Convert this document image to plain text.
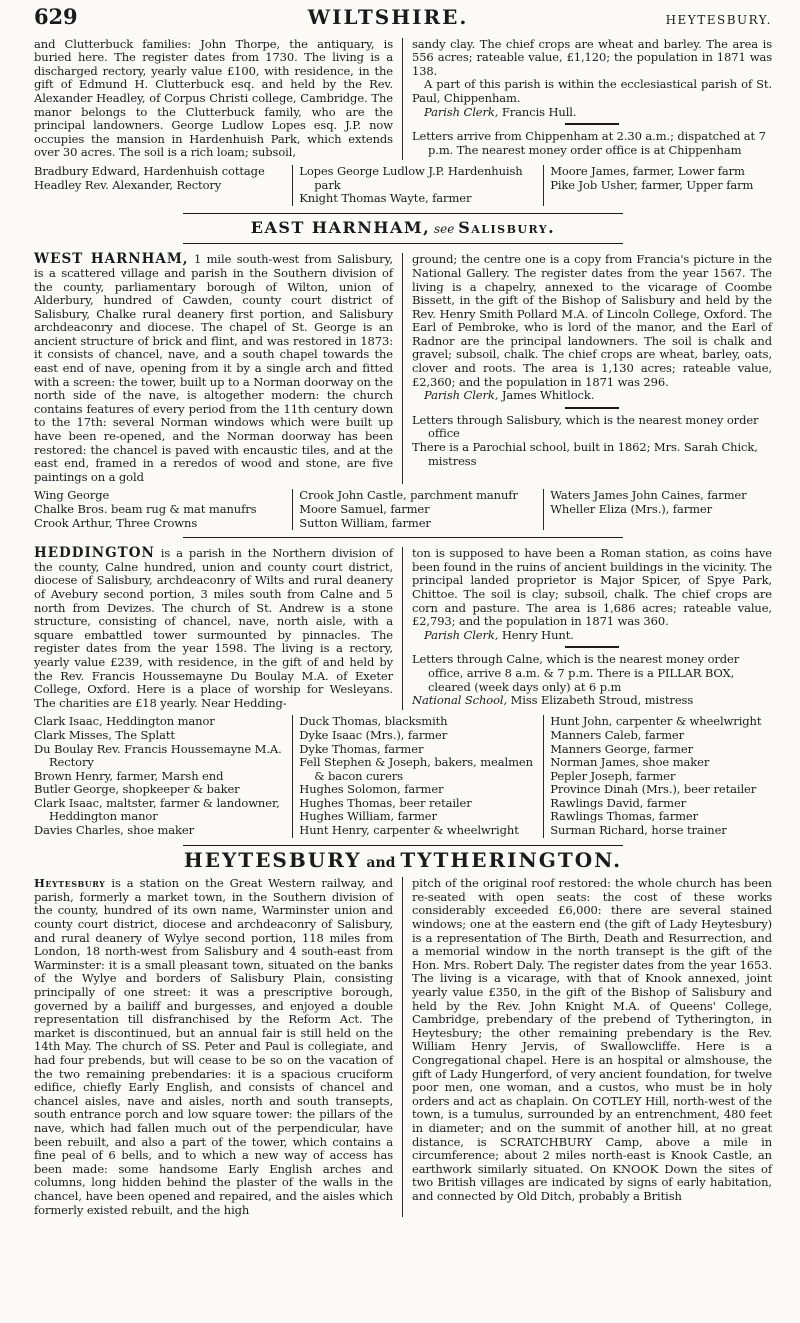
629	WILTSHIRE.	HEYTESBURY.

and Clutterbuck families: John Thorpe, the antiquary, is buried here. The register dates from 1730. The living is a discharged rectory, yearly value £100, with residence, in the gift of Edmund H. Clutterbuck esq. and held by the Rev. Alexander Headley, of Corpus Christi college, Cambridge. The manor belongs to the Clutterbuck family, who are the principal landowners. George Ludlow Lopes esq. J.P. now occupies the mansion in Hardenhuish Park, which extends over 30 acres. The soil is a rich loam; subsoil,

sandy clay. The chief crops are wheat and barley. The area is 556 acres; rateable value, £1,120; the population in 1871 was 138.

A part of this parish is within the ecclesiastical parish of St. Paul, Chippenham.

Parish Clerk, Francis Hull.

Letters arrive from Chippenham at 2.30 a.m.; dispatched at 7 p.m. The nearest money order office is at Chippenham

Bradbury Edward, Hardenhuish cottage

Headley Rev. Alexander, Rectory

Lopes George Ludlow J.P. Hardenhuish park

Knight Thomas Wayte, farmer

Moore James, farmer, Lower farm

Pike Job Usher, farmer, Upper farm

EAST HARNHAM, see Salisbury.

WEST HARNHAM, 1 mile south-west from Salisbury, is a scattered village and parish in the Southern division of the county, parliamentary borough of Wilton, union of Alderbury, hundred of Cawden, county court district of Salisbury, Chalke rural deanery first portion, and Salisbury archdeaconry and diocese. The chapel of St. George is an ancient structure of brick and flint, and was restored in 1873: it consists of chancel, nave, and a south chapel towards the east end of nave, opening from it by a single arch and fitted with a screen: the tower, built up to a Norman doorway on the north side of the nave, is altogether modern: the church contains features of every period from the 11th century down to the 17th: several Norman windows which were built up have been re-opened, and the Norman doorway has been restored: the chancel is paved with encaustic tiles, and at the east end, framed in a reredos of wood and stone, are five paintings on a gold

ground; the centre one is a copy from Francia's picture in the National Gallery. The register dates from the year 1567. The living is a chapelry, annexed to the vicarage of Coombe Bissett, in the gift of the Bishop of Salisbury and held by the Rev. Henry Smith Pollard M.A. of Lincoln College, Oxford. The Earl of Pembroke, who is lord of the manor, and the Earl of Radnor are the principal landowners. The soil is chalk and gravel; subsoil, chalk. The chief crops are wheat, barley, oats, clover and roots. The area is 1,130 acres; rateable value, £2,360; and the population in 1871 was 296.

Parish Clerk, James Whitlock.

Letters through Salisbury, which is the nearest money order office

There is a Parochial school, built in 1862; Mrs. Sarah Chick, mistress

Wing George

Chalke Bros. beam rug & mat manufrs

Crook Arthur, Three Crowns

Crook John Castle, parchment manufr

Moore Samuel, farmer

Sutton William, farmer

Waters James John Caines, farmer

Wheller Eliza (Mrs.), farmer

HEDDINGTON is a parish in the Northern division of the county, Calne hundred, union and county court district, diocese of Salisbury, archdeaconry of Wilts and rural deanery of Avebury second portion, 3 miles south from Calne and 5 north from Devizes. The church of St. Andrew is a stone structure, consisting of chancel, nave, north aisle, with a square embattled tower surmounted by pinnacles. The register dates from the year 1598. The living is a rectory, yearly value £239, with residence, in the gift of and held by the Rev. Francis Houssemayne Du Boulay M.A. of Exeter College, Oxford. Here is a place of worship for Wesleyans. The charities are £18 yearly. Near Hedding-

ton is supposed to have been a Roman station, as coins have been found in the ruins of ancient buildings in the vicinity. The principal landed proprietor is Major Spicer, of Spye Park, Chittoe. The soil is clay; subsoil, chalk. The chief crops are corn and pasture. The area is 1,686 acres; rateable value, £2,793; and the population in 1871 was 360.

Parish Clerk, Henry Hunt.

Letters through Calne, which is the nearest money order office, arrive 8 a.m. & 7 p.m. There is a PILLAR BOX, cleared (week days only) at 6 p.m

National School, Miss Elizabeth Stroud, mistress

Clark Isaac, Heddington manor

Clark Misses, The Splatt

Du Boulay Rev. Francis Houssemayne M.A. Rectory

Brown Henry, farmer, Marsh end

Butler George, shopkeeper & baker

Clark Isaac, maltster, farmer & landowner, Heddington manor

Davies Charles, shoe maker

Duck Thomas, blacksmith

Dyke Isaac (Mrs.), farmer

Dyke Thomas, farmer

Fell Stephen & Joseph, bakers, mealmen & bacon curers

Hughes Solomon, farmer

Hughes Thomas, beer retailer

Hughes William, farmer

Hunt Henry, carpenter & wheelwright

Hunt John, carpenter & wheelwright

Manners Caleb, farmer

Manners George, farmer

Norman James, shoe maker

Pepler Joseph, farmer

Province Dinah (Mrs.), beer retailer

Rawlings David, farmer

Rawlings Thomas, farmer

Surman Richard, horse trainer

HEYTESBURY and TYTHERINGTON.

Heytesbury is a station on the Great Western railway, and parish, formerly a market town, in the Southern division of the county, hundred of its own name, Warminster union and county court district, diocese and archdeaconry of Salisbury, and rural deanery of Wylye second portion, 118 miles from London, 18 north-west from Salisbury and 4 south-east from Warminster: it is a small pleasant town, situated on the banks of the Wylye and borders of Salisbury Plain, consisting principally of one street: it was a prescriptive borough, governed by a bailiff and burgesses, and enjoyed a double representation till disfranchised by the Reform Act. The market is discontinued, but an annual fair is still held on the 14th May. The church of SS. Peter and Paul is collegiate, and had four prebends, but will cease to be so on the vacation of the two remaining prebendaries: it is a spacious cruciform edifice, chiefly Early English, and consists of chancel and chancel aisles, nave and aisles, north and south transepts, south entrance porch and low square tower: the pillars of the nave, which had fallen much out of the perpendicular, have been rebuilt, and also a part of the tower, which contains a fine peal of 6 bells, and to which a new way of access has been made: some handsome Early English arches and columns, long hidden behind the plaster of the walls in the chancel, have been opened and repaired, and the aisles which formerly existed rebuilt, and the high

pitch of the original roof restored: the whole church has been re-seated with open seats: the cost of these works considerably exceeded £6,000: there are several stained windows; one at the eastern end (the gift of Lady Heytesbury) is a representation of The Birth, Death and Resurrection, and a memorial window in the north transept is the gift of the Hon. Mrs. Robert Daly. The register dates from the year 1653. The living is a vicarage, with that of Knook annexed, joint yearly value £350, in the gift of the Bishop of Salisbury and held by the Rev. John Knight M.A. of Queens' College, Cambridge, prebendary of the prebend of Tytherington, in Heytesbury; the other remaining prebendary is the Rev. William Henry Jervis, of Swallowcliffe. Here is a Congregational chapel. Here is an hospital or almshouse, the gift of Lady Hungerford, of very ancient foundation, for twelve poor men, one woman, and a custos, who must be in holy orders and act as chaplain. On COTLEY Hill, north-west of the town, is a tumulus, surrounded by an entrenchment, 480 feet in diameter; and on the summit of another hill, at no great distance, is SCRATCHBURY Camp, above a mile in circumference; about 2 miles north-east is Knook Castle, an earthwork similarly situated. On KNOOK Down the sites of two British villages are indicated by signs of early habitation, and connected by Old Ditch, probably a British
